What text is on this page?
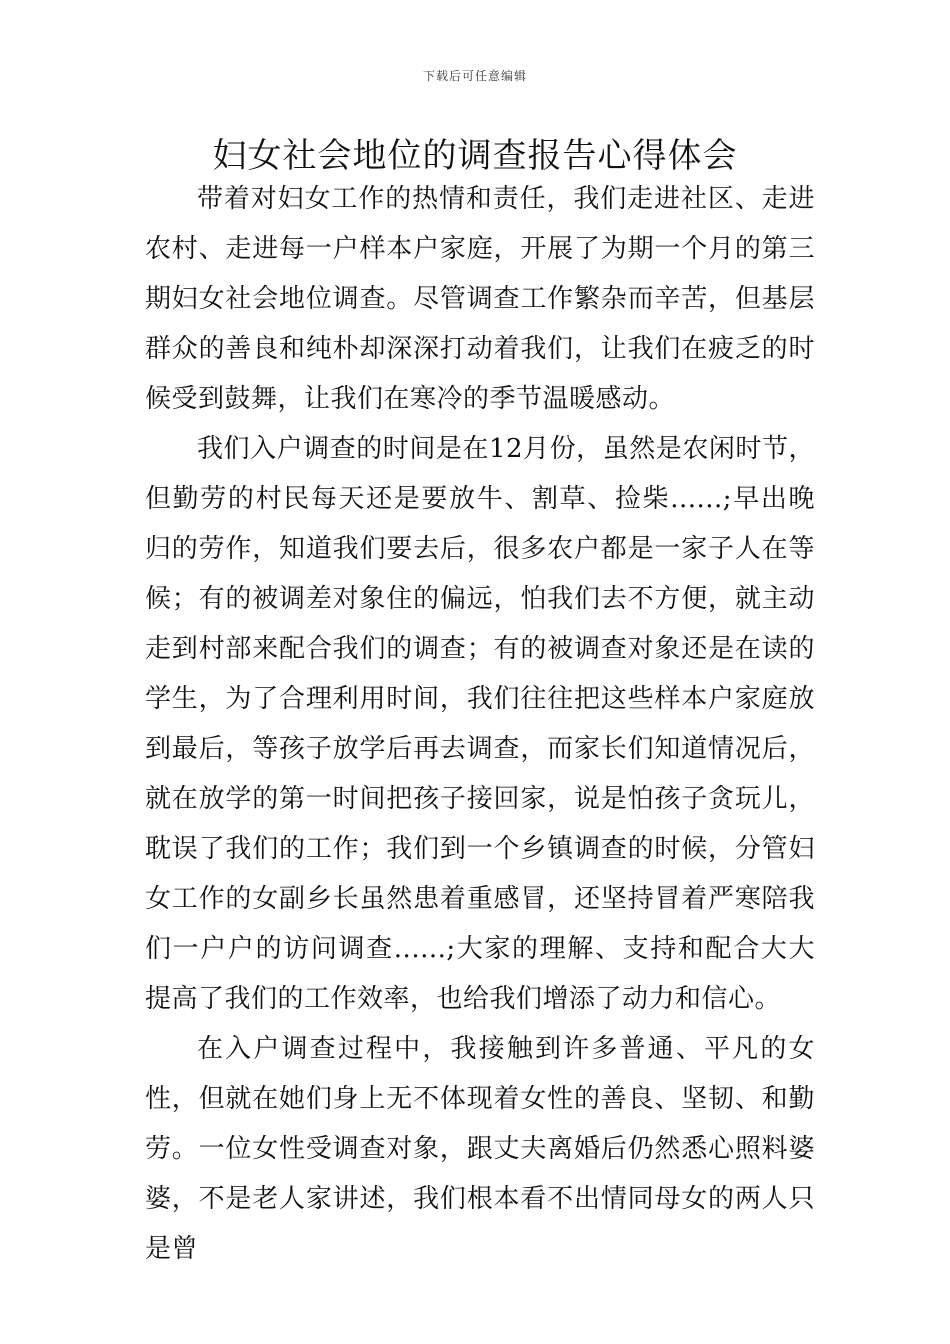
下载后可任意编辑
妇女社会地位的调查报告心得体会

带着对妇女工作的热情和责任，我们走进社区、走进农村、走进每一户样本户家庭，开展了为期一个月的第三期妇女社会地位调查。尽管调查工作繁杂而辛苦，但基层群众的善良和纯朴却深深打动着我们，让我们在疲乏的时候受到鼓舞，让我们在寒冷的季节温暖感动。

我们入户调查的时间是在12月份，虽然是农闲时节，但勤劳的村民每天还是要放牛、割草、捡柴......;早出晚归的劳作，知道我们要去后，很多农户都是一家子人在等候；有的被调差对象住的偏远，怕我们去不方便，就主动走到村部来配合我们的调查；有的被调查对象还是在读的学生，为了合理利用时间，我们往往把这些样本户家庭放到最后，等孩子放学后再去调查，而家长们知道情况后，就在放学的第一时间把孩子接回家，说是怕孩子贪玩儿，耽误了我们的工作；我们到一个乡镇调查的时候，分管妇女工作的女副乡长虽然患着重感冒，还坚持冒着严寒陪我们一户户的访问调查......;大家的理解、支持和配合大大提高了我们的工作效率，也给我们增添了动力和信心。

在入户调查过程中，我接触到许多普通、平凡的女性，但就在她们身上无不体现着女性的善良、坚韧、和勤劳。一位女性受调查对象，跟丈夫离婚后仍然悉心照料婆婆，不是老人家讲述，我们根本看不出情同母女的两人只是曾
